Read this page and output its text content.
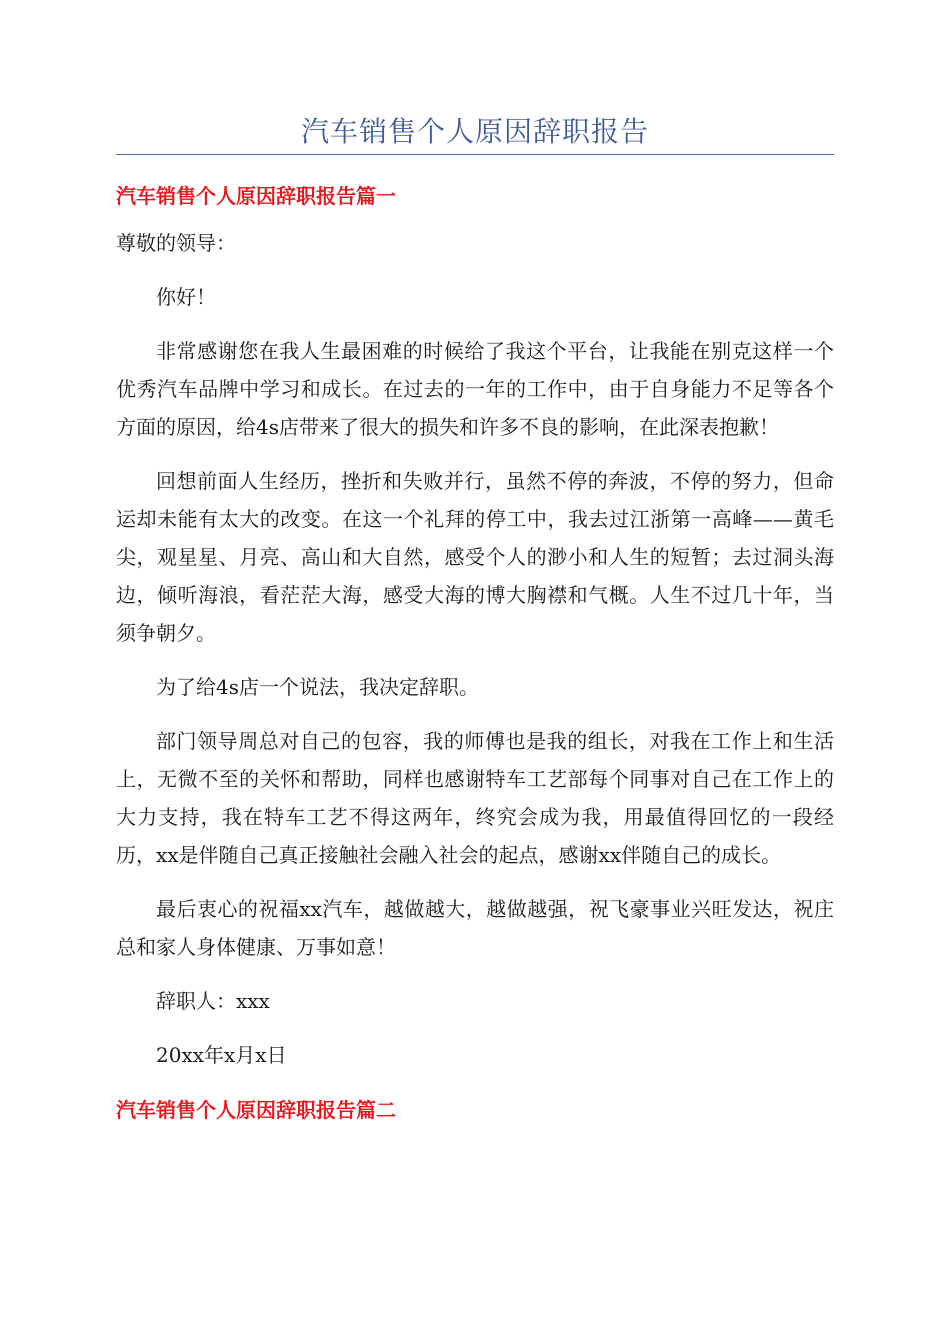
汽车销售个人原因辞职报告
汽车销售个人原因辞职报告篇一

尊敬的领导：

你好！

非常感谢您在我人生最困难的时候给了我这个平台，让我能在别克这样一个优秀汽车品牌中学习和成长。在过去的一年的工作中，由于自身能力不足等各个方面的原因，给4s店带来了很大的损失和许多不良的影响，在此深表抱歉！

回想前面人生经历，挫折和失败并行，虽然不停的奔波，不停的努力，但命运却未能有太大的改变。在这一个礼拜的停工中，我去过江浙第一高峰——黄毛尖，观星星、月亮、高山和大自然，感受个人的渺小和人生的短暂；去过洞头海边，倾听海浪，看茫茫大海，感受大海的博大胸襟和气概。人生不过几十年，当须争朝夕。

为了给4s店一个说法，我决定辞职。

部门领导周总对自己的包容，我的师傅也是我的组长，对我在工作上和生活上，无微不至的关怀和帮助，同样也感谢特车工艺部每个同事对自己在工作上的大力支持，我在特车工艺不得这两年，终究会成为我，用最值得回忆的一段经历，xx是伴随自己真正接触社会融入社会的起点，感谢xx伴随自己的成长。

最后衷心的祝福xx汽车，越做越大，越做越强，祝飞豪事业兴旺发达，祝庄总和家人身体健康、万事如意！

辞职人：xxx

20xx年x月x日

汽车销售个人原因辞职报告篇二
